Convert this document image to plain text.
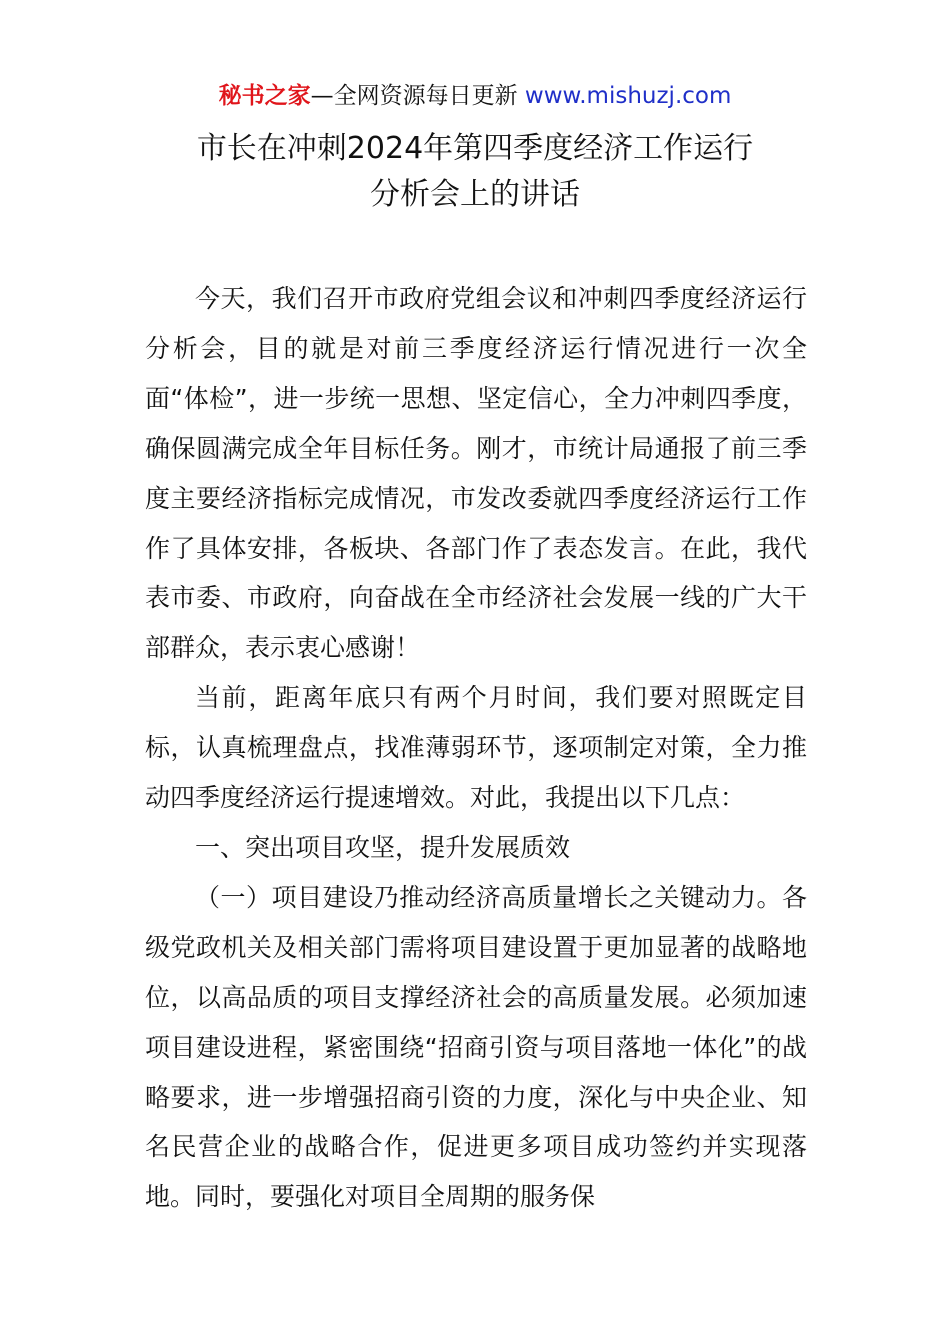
秘书之家—全网资源每日更新 www.mishuzj.com
市长在冲刺2024年第四季度经济工作运行
分析会上的讲话

今天，我们召开市政府党组会议和冲刺四季度经济运行分析会，目的就是对前三季度经济运行情况进行一次全面“体检”，进一步统一思想、坚定信心，全力冲刺四季度，确保圆满完成全年目标任务。刚才，市统计局通报了前三季度主要经济指标完成情况，市发改委就四季度经济运行工作作了具体安排，各板块、各部门作了表态发言。在此，我代表市委、市政府，向奋战在全市经济社会发展一线的广大干部群众，表示衷心感谢！

当前，距离年底只有两个月时间，我们要对照既定目标，认真梳理盘点，找准薄弱环节，逐项制定对策，全力推动四季度经济运行提速增效。对此，我提出以下几点：

一、突出项目攻坚，提升发展质效

（一）项目建设乃推动经济高质量增长之关键动力。各级党政机关及相关部门需将项目建设置于更加显著的战略地位，以高品质的项目支撑经济社会的高质量发展。必须加速项目建设进程，紧密围绕“招商引资与项目落地一体化”的战略要求，进一步增强招商引资的力度，深化与中央企业、知名民营企业的战略合作，促进更多项目成功签约并实现落地。同时，要强化对项目全周期的服务保
